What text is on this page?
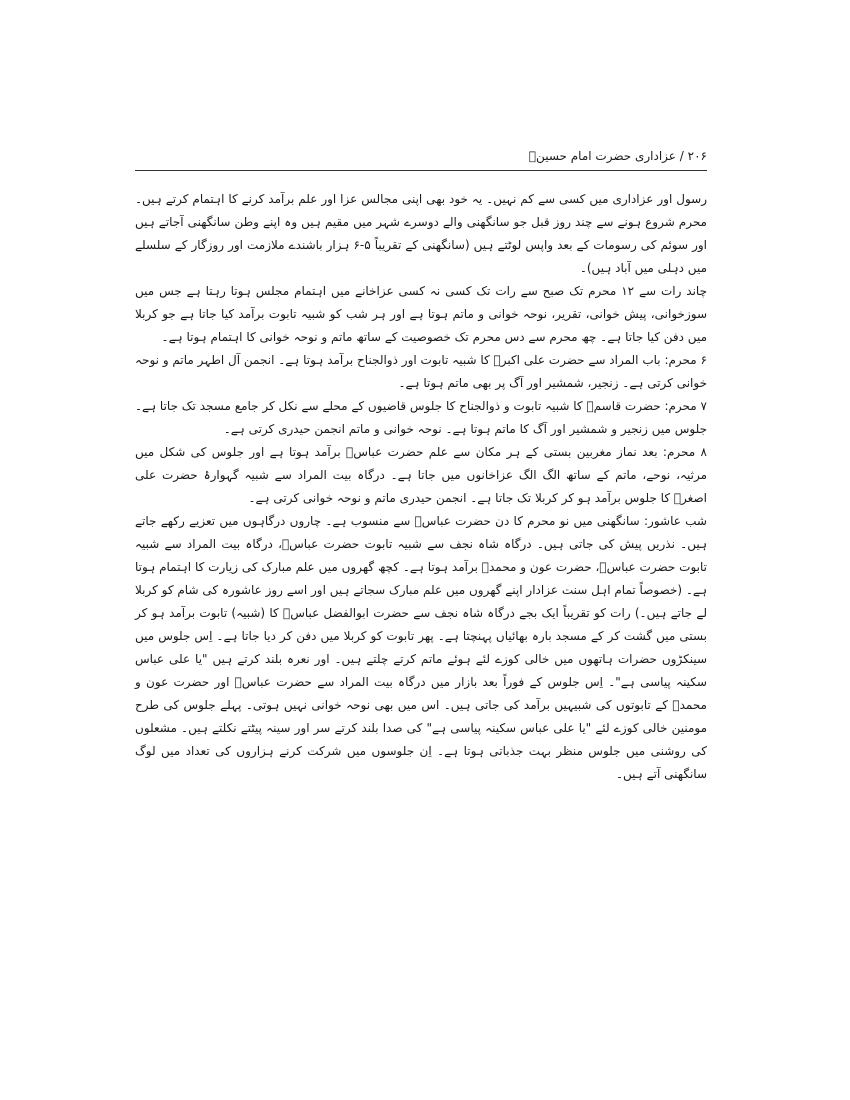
۲۰۶ / عزاداری حضرت امام حسینؑ

رسول اور عزاداری میں کسی سے کم نہیں۔ یہ خود بھی اپنی مجالس عزا اور علم برآمد کرنے کا اہتمام کرتے ہیں۔ محرم شروع ہونے سے چند روز قبل جو سانگھنی والے دوسرے شہر میں مقیم ہیں وہ اپنے وطن سانگھنی آجاتے ہیں اور سوئم کی رسومات کے بعد واپس لوٹتے ہیں (سانگھنی کے تقریباً ۵-۶ ہزار باشندے ملازمت اور روزگار کے سلسلے میں دہلی میں آباد ہیں)۔

چاند رات سے ۱۲ محرم تک صبح سے رات تک کسی نہ کسی عزاخانے میں اہتمام مجلس ہوتا رہتا ہے جس میں سوزخوانی، پیش خوانی، تقریر، نوحہ خوانی و ماتم ہوتا ہے اور ہر شب کو شبیہ تابوت برآمد کیا جاتا ہے جو کربلا میں دفن کیا جاتا ہے۔ چھ محرم سے دس محرم تک خصوصیت کے ساتھ ماتم و نوحہ خوانی کا اہتمام ہوتا ہے۔

۶ محرم: باب المراد سے حضرت علی اکبرؑ کا شبیہ تابوت اور ذوالجناح برآمد ہوتا ہے۔ انجمن آل اطہر ماتم و نوحہ خوانی کرتی ہے۔ زنجیر، شمشیر اور آگ پر بھی ماتم ہوتا ہے۔

۷ محرم: حضرت قاسمؑ کا شبیہ تابوت و ذوالجناح کا جلوس قاضیوں کے محلے سے نکل کر جامع مسجد تک جاتا ہے۔ جلوس میں زنجیر و شمشیر اور آگ کا ماتم ہوتا ہے۔ نوحہ خوانی و ماتم انجمن حیدری کرتی ہے۔

۸ محرم: بعد نماز مغربین بستی کے ہر مکان سے علم حضرت عباسؑ برآمد ہوتا ہے اور جلوس کی شکل میں مرثیہ، نوحے، ماتم کے ساتھ الگ الگ عزاخانوں میں جاتا ہے۔ درگاہ بیت المراد سے شبیہ گہوارۂ حضرت علی اصغرؑ کا جلوس برآمد ہو کر کربلا تک جاتا ہے۔ انجمن حیدری ماتم و نوحہ خوانی کرتی ہے۔

شب عاشور: سانگھنی میں نو محرم کا دن حضرت عباسؑ سے منسوب ہے۔ چاروں درگاہوں میں تعزیے رکھے جاتے ہیں۔ نذریں پیش کی جاتی ہیں۔ درگاہ شاہ نجف سے شبیہ تابوت حضرت عباسؑ، درگاہ بیت المراد سے شبیہ تابوت حضرت عباسؑ، حضرت عون و محمدؑ برآمد ہوتا ہے۔ کچھ گھروں میں علم مبارک کی زیارت کا اہتمام ہوتا ہے۔ (خصوصاً تمام اہل سنت عزادار اپنے گھروں میں علم مبارک سجاتے ہیں اور اسے روز عاشورہ کی شام کو کربلا لے جاتے ہیں۔) رات کو تقریباً ایک بجے درگاہ شاہ نجف سے حضرت ابوالفضل عباسؑ کا (شبیہ) تابوت برآمد ہو کر بستی میں گشت کر کے مسجد بارہ بھائیاں پہنچتا ہے۔ پھر تابوت کو کربلا میں دفن کر دیا جاتا ہے۔ اِس جلوس میں سینکڑوں حضرات ہاتھوں میں خالی کوزے لئے ہوئے ماتم کرتے چلتے ہیں۔ اور نعرہ بلند کرتے ہیں "یا علی عباس سکینہ پیاسی ہے"۔ اِس جلوس کے فوراً بعد بازار میں درگاہ بیت المراد سے حضرت عباسؑ اور حضرت عون و محمدؑ کے تابوتوں کی شبیہیں برآمد کی جاتی ہیں۔ اس میں بھی نوحہ خوانی نہیں ہوتی۔ پہلے جلوس کی طرح مومنین خالی کوزے لئے "یا علی عباس سکینہ پیاسی ہے" کی صدا بلند کرتے سر اور سینہ پیٹتے نکلتے ہیں۔ مشعلوں کی روشنی میں جلوس منظر بہت جذباتی ہوتا ہے۔ اِن جلوسوں میں شرکت کرنے ہزاروں کی تعداد میں لوگ سانگھنی آتے ہیں۔
